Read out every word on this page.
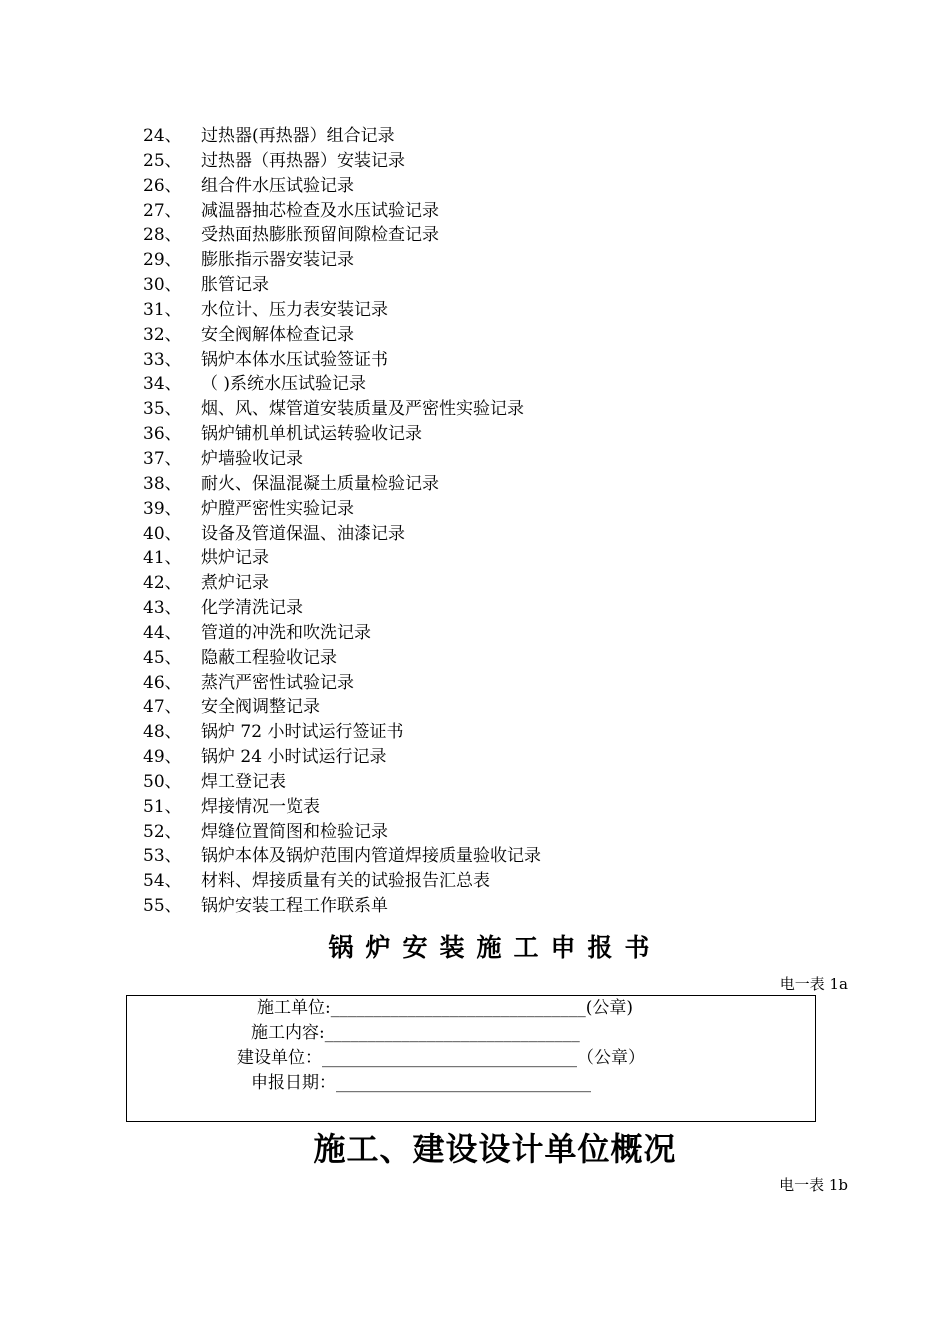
24、 过热器(再热器）组合记录
25、 过热器（再热器）安装记录
26、 组合件水压试验记录
27、 减温器抽芯检查及水压试验记录
28、 受热面热膨胀预留间隙检查记录
29、 膨胀指示器安装记录
30、 胀管记录
31、 水位计、压力表安装记录
32、 安全阀解体检查记录
33、 锅炉本体水压试验签证书
34、 （ )系统水压试验记录
35、 烟、风、煤管道安装质量及严密性实验记录
36、 锅炉铺机单机试运转验收记录
37、 炉墙验收记录
38、 耐火、保温混凝土质量检验记录
39、 炉膛严密性实验记录
40、 设备及管道保温、油漆记录
41、 烘炉记录
42、 煮炉记录
43、 化学清洗记录
44、 管道的冲洗和吹洗记录
45、 隐蔽工程验收记录
46、 蒸汽严密性试验记录
47、 安全阀调整记录
48、 锅炉 72 小时试运行签证书
49、 锅炉 24 小时试运行记录
50、 焊工登记表
51、 焊接情况一览表
52、 焊缝位置简图和检验记录
53、 锅炉本体及锅炉范围内管道焊接质量验收记录
54、 材料、焊接质量有关的试验报告汇总表
55、 锅炉安装工程工作联系单
锅炉安装施工申报书
电一表 1a
施工单位:______________________________(公章)
施工内容:______________________________
建设单位：______________________________（公章）
申报日期：______________________________
施工、建设设计单位概况
电一表 1b
